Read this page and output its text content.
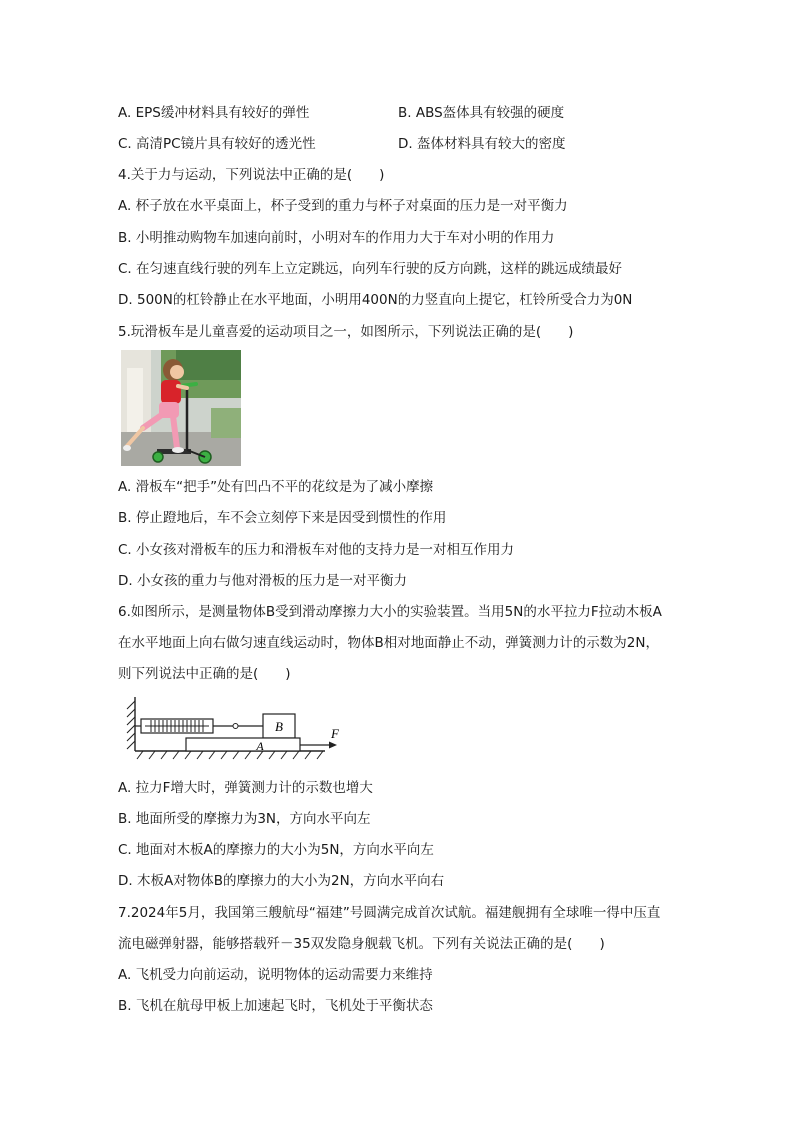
A. EPS缓冲材料具有较好的弹性	B. ABS盔体具有较强的硬度
C. 高清PC镜片具有较好的透光性	D. 盔体材料具有较大的密度
4.关于力与运动，下列说法中正确的是(　　)
A. 杯子放在水平桌面上，杯子受到的重力与杯子对桌面的压力是一对平衡力
B. 小明推动购物车加速向前时，小明对车的作用力大于车对小明的作用力
C. 在匀速直线行驶的列车上立定跳远，向列车行驶的反方向跳，这样的跳远成绩最好
D. 500N的杠铃静止在水平地面，小明用400N的力竖直向上提它，杠铃所受合力为0N
5.玩滑板车是儿童喜爱的运动项目之一，如图所示，下列说法正确的是(　　)
A. 滑板车“把手”处有凹凸不平的花纹是为了减小摩擦
B. 停止蹬地后，车不会立刻停下来是因受到惯性的作用
C. 小女孩对滑板车的压力和滑板车对他的支持力是一对相互作用力
D. 小女孩的重力与他对滑板的压力是一对平衡力
6.如图所示，是测量物体B受到滑动摩擦力大小的实验装置。当用5N的水平拉力F拉动木板A
在水平地面上向右做匀速直线运动时，物体B相对地面静止不动，弹簧测力计的示数为2N，
则下列说法中正确的是(　　)
B
A
F
A. 拉力F增大时，弹簧测力计的示数也增大
B. 地面所受的摩擦力为3N，方向水平向左
C. 地面对木板A的摩擦力的大小为5N，方向水平向左
D. 木板A对物体B的摩擦力的大小为2N，方向水平向右
7.2024年5月，我国第三艘航母“福建”号圆满完成首次试航。福建舰拥有全球唯一得中压直
流电磁弹射器，能够搭载歼－35双发隐身舰载飞机。下列有关说法正确的是(　　)
A. 飞机受力向前运动，说明物体的运动需要力来维持
B. 飞机在航母甲板上加速起飞时，飞机处于平衡状态
